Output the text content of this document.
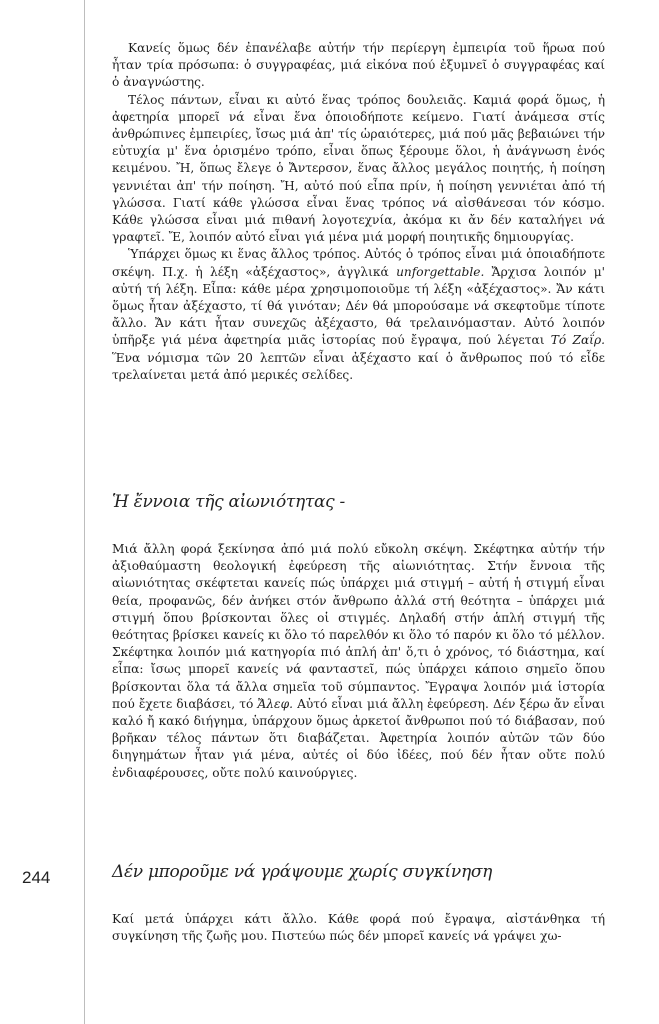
244

Κανείς ὅμως δέν ἐπανέλαβε αὐτήν τήν περίεργη ἐμπειρία τοῦ ἥρωα πού ἦταν τρία πρόσωπα: ὁ συγγραφέας, μιά εἰκόνα πού ἐξυμνεῖ ὁ συγγραφέας καί ὁ ἀναγνώστης.

Τέλος πάντων, εἶναι κι αὐτό ἕνας τρόπος δουλειᾶς. Καμιά φορά ὅμως, ἡ ἀφετηρία μπορεῖ νά εἶναι ἕνα ὁποιοδήποτε κείμενο. Γιατί ἀνάμεσα στίς ἀνθρώπινες ἐμπειρίες, ἴσως μιά ἀπ' τίς ὡραιότερες, μιά πού μᾶς βεβαιώνει τήν εὐτυχία μ' ἕνα ὁρισμένο τρόπο, εἶναι ὅπως ξέρουμε ὅλοι, ἡ ἀνάγνωση ἑνός κειμένου. Ἤ, ὅπως ἔλεγε ὁ Ἄντερσον, ἕνας ἄλλος μεγάλος ποιητής, ἡ ποίηση γεννιέται ἀπ' τήν ποίηση. Ἤ, αὐτό πού εἶπα πρίν, ἡ ποίηση γεννιέται ἀπό τή γλώσσα. Γιατί κάθε γλώσσα εἶναι ἕνας τρόπος νά αἰσθάνεσαι τόν κόσμο. Κάθε γλώσσα εἶναι μιά πιθανή λογοτεχνία, ἀκόμα κι ἄν δέν καταλήγει νά γραφτεῖ. Ἔ, λοιπόν αὐτό εἶναι γιά μένα μιά μορφή ποιητικῆς δημιουργίας.

Ὑπάρχει ὅμως κι ἕνας ἄλλος τρόπος. Αὐτός ὁ τρόπος εἶναι μιά ὁποιαδήποτε σκέψη. Π.χ. ἡ λέξη «ἀξέχαστος», ἀγγλικά unforgettable. Ἄρχισα λοιπόν μ' αὐτή τή λέξη. Εἶπα: κάθε μέρα χρησιμοποιοῦμε τή λέξη «ἀξέχαστος». Ἄν κάτι ὅμως ἦταν ἀξέχαστο, τί θά γινόταν; Δέν θά μπορούσαμε νά σκεφτοῦμε τίποτε ἄλλο. Ἄν κάτι ἦταν συνεχῶς ἀξέχαστο, θά τρελαινόμασταν. Αὐτό λοιπόν ὑπῆρξε γιά μένα ἀφετηρία μιᾶς ἱστορίας πού ἔγραψα, πού λέγεται Τό Ζαΐρ. Ἕνα νόμισμα τῶν 20 λεπτῶν εἶναι ἀξέχαστο καί ὁ ἄνθρωπος πού τό εἶδε τρελαίνεται μετά ἀπό μερικές σελίδες.

Ἡ ἔννοια τῆς αἰωνιότητας -

Μιά ἄλλη φορά ξεκίνησα ἀπό μιά πολύ εὔκολη σκέψη. Σκέφτηκα αὐτήν τήν ἀξιοθαύμαστη θεολογική ἐφεύρεση τῆς αἰωνιότητας. Στήν ἔννοια τῆς αἰωνιότητας σκέφτεται κανείς πώς ὑπάρχει μιά στιγμή – αὐτή ἡ στιγμή εἶναι θεία, προφανῶς, δέν ἀνήκει στόν ἄνθρωπο ἀλλά στή θεότητα – ὑπάρχει μιά στιγμή ὅπου βρίσκονται ὅλες οἱ στιγμές. Δηλαδή στήν ἁπλή στιγμή τῆς θεότητας βρίσκει κανείς κι ὅλο τό παρελθόν κι ὅλο τό παρόν κι ὅλο τό μέλλον. Σκέφτηκα λοιπόν μιά κατηγορία πιό ἁπλή ἀπ' ὅ,τι ὁ χρόνος, τό διάστημα, καί εἶπα: ἴσως μπορεῖ κανείς νά φανταστεῖ, πώς ὑπάρχει κάποιο σημεῖο ὅπου βρίσκονται ὅλα τά ἄλλα σημεῖα τοῦ σύμπαντος. Ἔγραψα λοιπόν μιά ἱστορία πού ἔχετε διαβάσει, τό Ἄλεφ. Αὐτό εἶναι μιά ἄλλη ἐφεύρεση. Δέν ξέρω ἄν εἶναι καλό ἤ κακό διήγημα, ὑπάρχουν ὅμως ἀρκετοί ἄνθρωποι πού τό διάβασαν, πού βρῆκαν τέλος πάντων ὅτι διαβάζεται. Ἀφετηρία λοιπόν αὐτῶν τῶν δύο διηγημάτων ἦταν γιά μένα, αὐτές οἱ δύο ἰδέες, πού δέν ἦταν οὔτε πολύ ἐνδιαφέρουσες, οὔτε πολύ καινούργιες.

Δέν μποροῦμε νά γράψουμε χωρίς συγκίνηση

Καί μετά ὑπάρχει κάτι ἄλλο. Κάθε φορά πού ἔγραψα, αἰστάνθηκα τή συγκίνηση τῆς ζωῆς μου. Πιστεύω πώς δέν μπορεῖ κανείς νά γράψει χω-
